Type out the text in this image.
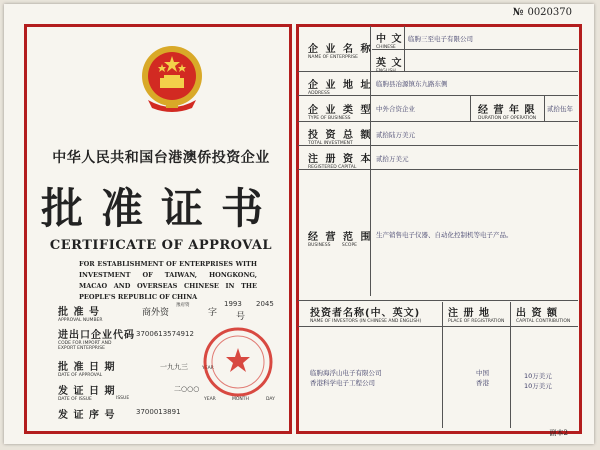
№ 0020370
中华人民共和国台港澳侨投资企业
批准证书
CERTIFICATE OF APPROVAL
FOR ESTABLISHMENT OF ENTERPRISES WITH INVESTMENT OF TAIWAN, HONGKONG, MACAO AND OVERSEAS CHINESE IN THE PEOPLE'S REPUBLIC OF CHINA
批 准 号
APPROVAL NUMBER
商外资
豫府资
字
1993 2045
号
进出口企业代码
CODE FOR IMPORT AND EXPORT ENTERPRISE
3700613574912
批 准 日 期
DATE OF APPROVAL
一九九三	YEAR
发 证 日 期
DATE OF ISSUE
二○○○
YEAR	MONTH	DAY
ISSUE
发 证 序 号	3700013891
企 业 名 称
NAME OF ENTERPRISE
中 文
CHINESE
英 文
ENGLISH
临朐三至电子有限公司
企 业 地 址
ADDRESS
临朐县冶源镇东九路东侧
企 业 类 型
TYPE OF BUSINESS
中外合资企业	经 营 年 限
DURATION OF OPERATION
贰拾伍年
投 资 总 额
TOTAL INVESTMENT
贰拾陆万美元
注 册 资 本
REGISTERED CAPITAL
贰拾万美元
经 营 范 围
BUSINESS        SCOPE
生产销售电子仪器、自动化控制机等电子产品。
投资者名称(中、英文)
NAME OF INVESTORS (IN CHINESE AND ENGLISH)
注 册 地
PLACE OF REGISTRATION
出 资 额
CAPITAL CONTRIBUTION
临朐海浮山电子有限公司	中国	10万美元
香港科学电子工程公司	香港	10万美元
副本2
